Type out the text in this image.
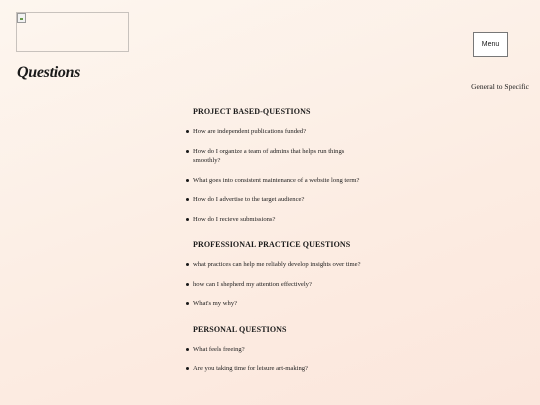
Menu
Questions
General to Specific
PROJECT BASED-QUESTIONS
How are independent publications funded?
How do I organize a team of admins that helps run things smoothly?
What goes into consistent maintenance of a website long term?
How do I advertise to the target audience?
How do I recieve submissions?
PROFESSIONAL PRACTICE QUESTIONS
what practices can help me reliably develop insights over time?
how can I shepherd my attention effectively?
What's my why?
PERSONAL QUESTIONS
What feels freeing?
Are you taking time for leisure art-making?
